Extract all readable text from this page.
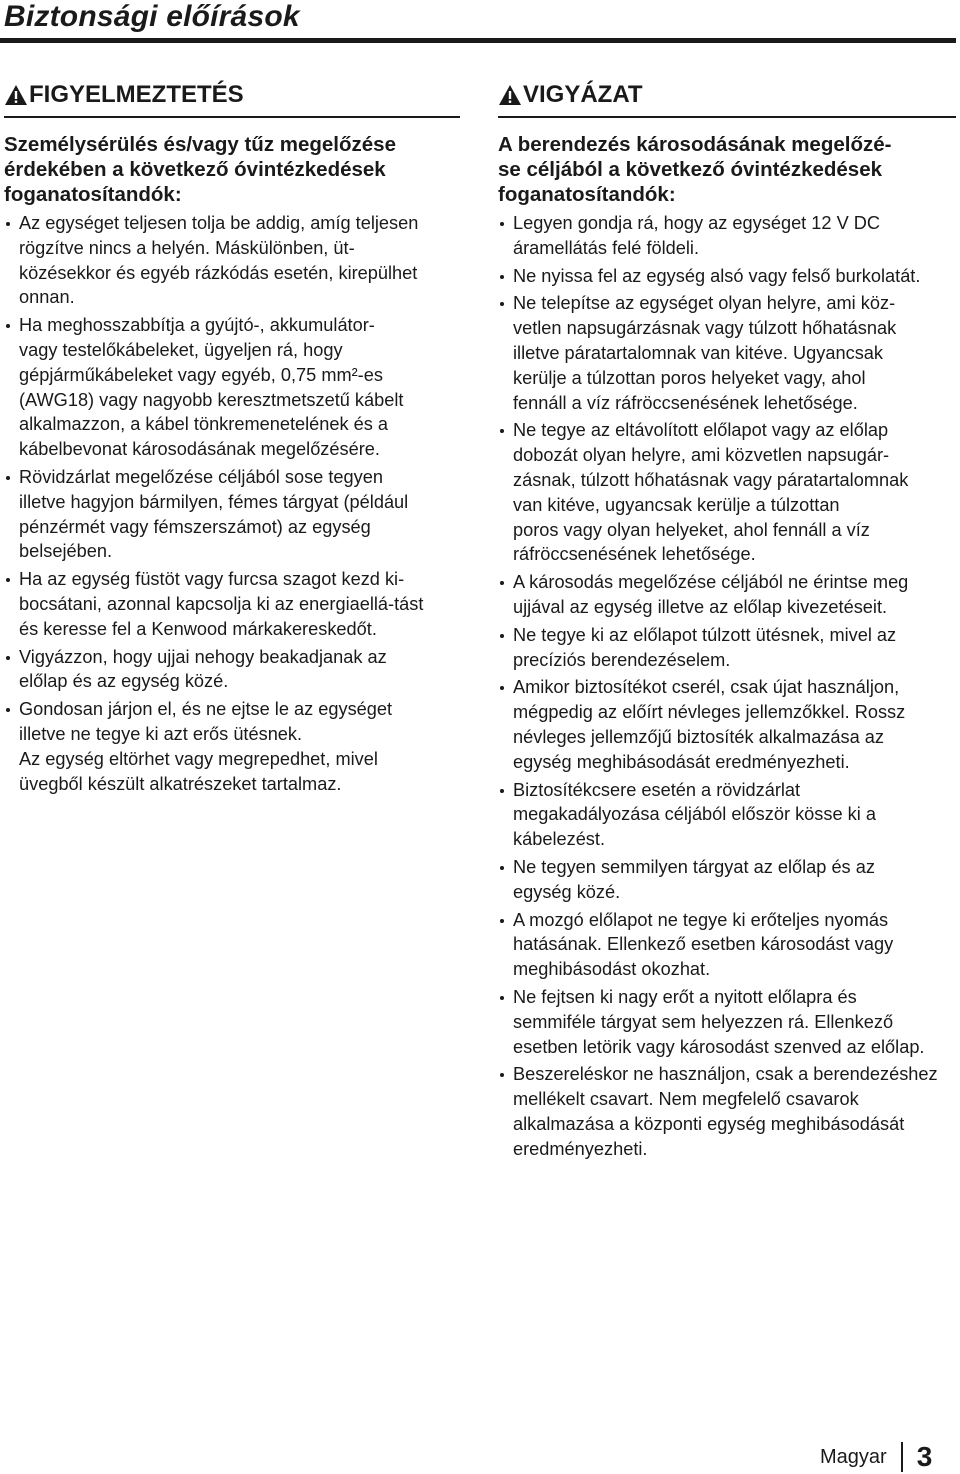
Biztonsági előírások
FIGYELMEZTETÉS
Személysérülés és/vagy tűz megelőzése
érdekében a következő óvintézkedések
foganatosítandók:
Az egységet teljesen tolja be addig, amíg teljesen
rögzítve nincs a helyén. Máskülönben, üt-
közésekkor és egyéb rázkódás esetén, kirepülhet
onnan.
Ha meghosszabbítja a gyújtó-, akkumulátor-
vagy testelőkábeleket, ügyeljen rá, hogy
gépjárműkábeleket vagy egyéb, 0,75 mm²-es
(AWG18) vagy nagyobb keresztmetszetű kábelt
alkalmazzon, a kábel tönkremenetelének és a
kábelbevonat károsodásának megelőzésére.
Rövidzárlat megelőzése céljából sose tegyen
illetve hagyjon bármilyen, fémes tárgyat (például
pénzérmét vagy fémszerszámot) az egység
belsejében.
Ha az egység füstöt vagy furcsa szagot kezd ki-
bocsátani, azonnal kapcsolja ki az energiaellá-tást
és keresse fel a Kenwood márkakereskedőt.
Vigyázzon, hogy ujjai nehogy beakadjanak az
előlap és az egység közé.
Gondosan járjon el, és ne ejtse le az egységet
illetve ne tegye ki azt erős ütésnek.
Az egység eltörhet vagy megrepedhet, mivel
üvegből készült alkatrészeket tartalmaz.
VIGYÁZAT
A berendezés károsodásának megelőzé-
se céljából a következő óvintézkedések
foganatosítandók:
Legyen gondja rá, hogy az egységet 12 V DC
áramellátás felé földeli.
Ne nyissa fel az egység alsó vagy felső burkolatát.
Ne telepítse az egységet olyan helyre, ami köz-
vetlen napsugárzásnak vagy túlzott hőhatásnak
illetve páratartalomnak van kitéve. Ugyancsak
kerülje a túlzottan poros helyeket vagy, ahol
fennáll a víz ráfröccsenésének lehetősége.
Ne tegye az eltávolított előlapot vagy az előlap
dobozát olyan helyre, ami közvetlen napsugár-
zásnak, túlzott hőhatásnak vagy páratartalomnak
van kitéve, ugyancsak kerülje a túlzottan
poros vagy olyan helyeket, ahol fennáll a víz
ráfröccsenésének lehetősége.
A károsodás megelőzése céljából ne érintse meg
ujjával az egység illetve az előlap kivezetéseit.
Ne tegye ki az előlapot túlzott ütésnek, mivel az
precíziós berendezéselem.
Amikor biztosítékot cserél, csak újat használjon,
mégpedig az előírt névleges jellemzőkkel. Rossz
névleges jellemzőjű biztosíték alkalmazása az
egység meghibásodását eredményezheti.
Biztosítékcsere esetén a rövidzárlat
megakadályozása céljából először kösse ki a
kábelezést.
Ne tegyen semmilyen tárgyat az előlap és az
egység közé.
A mozgó előlapot ne tegye ki erőteljes nyomás
hatásának. Ellenkező esetben károsodást vagy
meghibásodást okozhat.
Ne fejtsen ki nagy erőt a nyitott előlapra és
semmiféle tárgyat sem helyezzen rá. Ellenkező
esetben letörik vagy károsodást szenved az előlap.
Beszereléskor ne használjon, csak a berendezéshez
mellékelt csavart. Nem megfelelő csavarok
alkalmazása a központi egység meghibásodását
eredményezheti.
Magyar 3
